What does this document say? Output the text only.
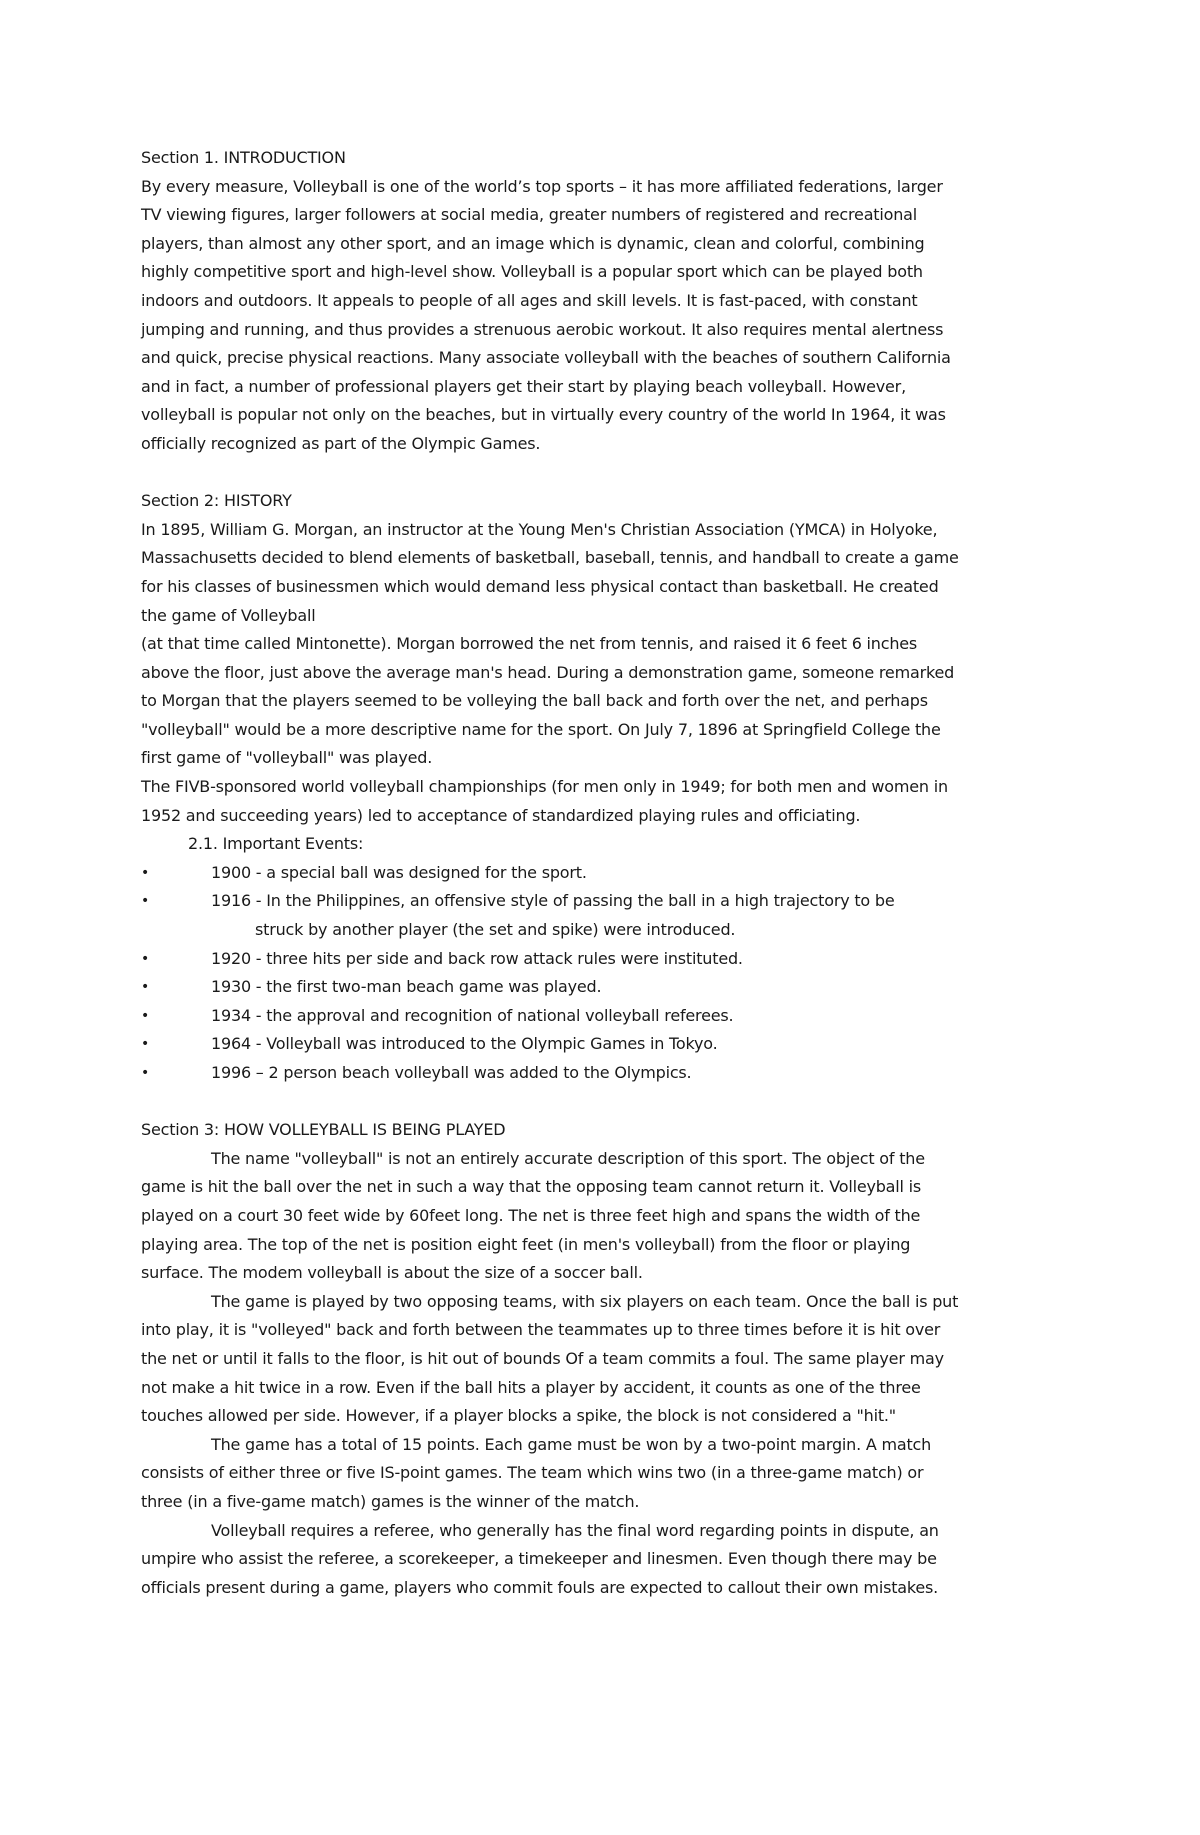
Section 1. INTRODUCTION
By every measure, Volleyball is one of the world’s top sports – it has more affiliated federations, larger
TV viewing figures, larger followers at social media, greater numbers of registered and recreational
players, than almost any other sport, and an image which is dynamic, clean and colorful, combining
highly competitive sport and high-level show. Volleyball is a popular sport which can be played both
indoors and outdoors. It appeals to people of all ages and skill levels. It is fast-paced, with constant
jumping and running, and thus provides a strenuous aerobic workout. It also requires mental alertness
and quick, precise physical reactions. Many associate volleyball with the beaches of southern California
and in fact, a number of professional players get their start by playing beach volleyball. However,
volleyball is popular not only on the beaches, but in virtually every country of the world In 1964, it was
officially recognized as part of the Olympic Games.
Section 2: HISTORY
In 1895, William G. Morgan, an instructor at the Young Men's Christian Association (YMCA) in Holyoke,
Massachusetts decided to blend elements of basketball, baseball, tennis, and handball to create a game
for his classes of businessmen which would demand less physical contact than basketball. He created
the game of Volleyball
(at that time called Mintonette). Morgan borrowed the net from tennis, and raised it 6 feet 6 inches
above the floor, just above the average man's head. During a demonstration game, someone remarked
to Morgan that the players seemed to be volleying the ball back and forth over the net, and perhaps
"volleyball" would be a more descriptive name for the sport. On July 7, 1896 at Springfield College the
first game of "volleyball" was played.
The FIVB-sponsored world volleyball championships (for men only in 1949; for both men and women in
1952 and succeeding years) led to acceptance of standardized playing rules and officiating.
2.1. Important Events:
•	1900 - a special ball was designed for the sport.
•	1916 - In the Philippines, an offensive style of passing the ball in a high trajectory to be
struck by another player (the set and spike) were introduced.
•	1920 - three hits per side and back row attack rules were instituted.
•	1930 - the first two-man beach game was played.
•	1934 - the approval and recognition of national volleyball referees.
•	1964 - Volleyball was introduced to the Olympic Games in Tokyo.
•	1996 – 2 person beach volleyball was added to the Olympics.
Section 3: HOW VOLLEYBALL IS BEING PLAYED
The name "volleyball" is not an entirely accurate description of this sport. The object of the
game is hit the ball over the net in such a way that the opposing team cannot return it. Volleyball is
played on a court 30 feet wide by 60feet long. The net is three feet high and spans the width of the
playing area. The top of the net is position eight feet (in men's volleyball) from the floor or playing
surface. The modem volleyball is about the size of a soccer ball.
The game is played by two opposing teams, with six players on each team. Once the ball is put
into play, it is "volleyed" back and forth between the teammates up to three times before it is hit over
the net or until it falls to the floor, is hit out of bounds Of a team commits a foul. The same player may
not make a hit twice in a row. Even if the ball hits a player by accident, it counts as one of the three
touches allowed per side. However, if a player blocks a spike, the block is not considered a "hit."
The game has a total of 15 points. Each game must be won by a two-point margin. A match
consists of either three or five IS-point games. The team which wins two (in a three-game match) or
three (in a five-game match) games is the winner of the match.
Volleyball requires a referee, who generally has the final word regarding points in dispute, an
umpire who assist the referee, a scorekeeper, a timekeeper and linesmen. Even though there may be
officials present during a game, players who commit fouls are expected to callout their own mistakes.
